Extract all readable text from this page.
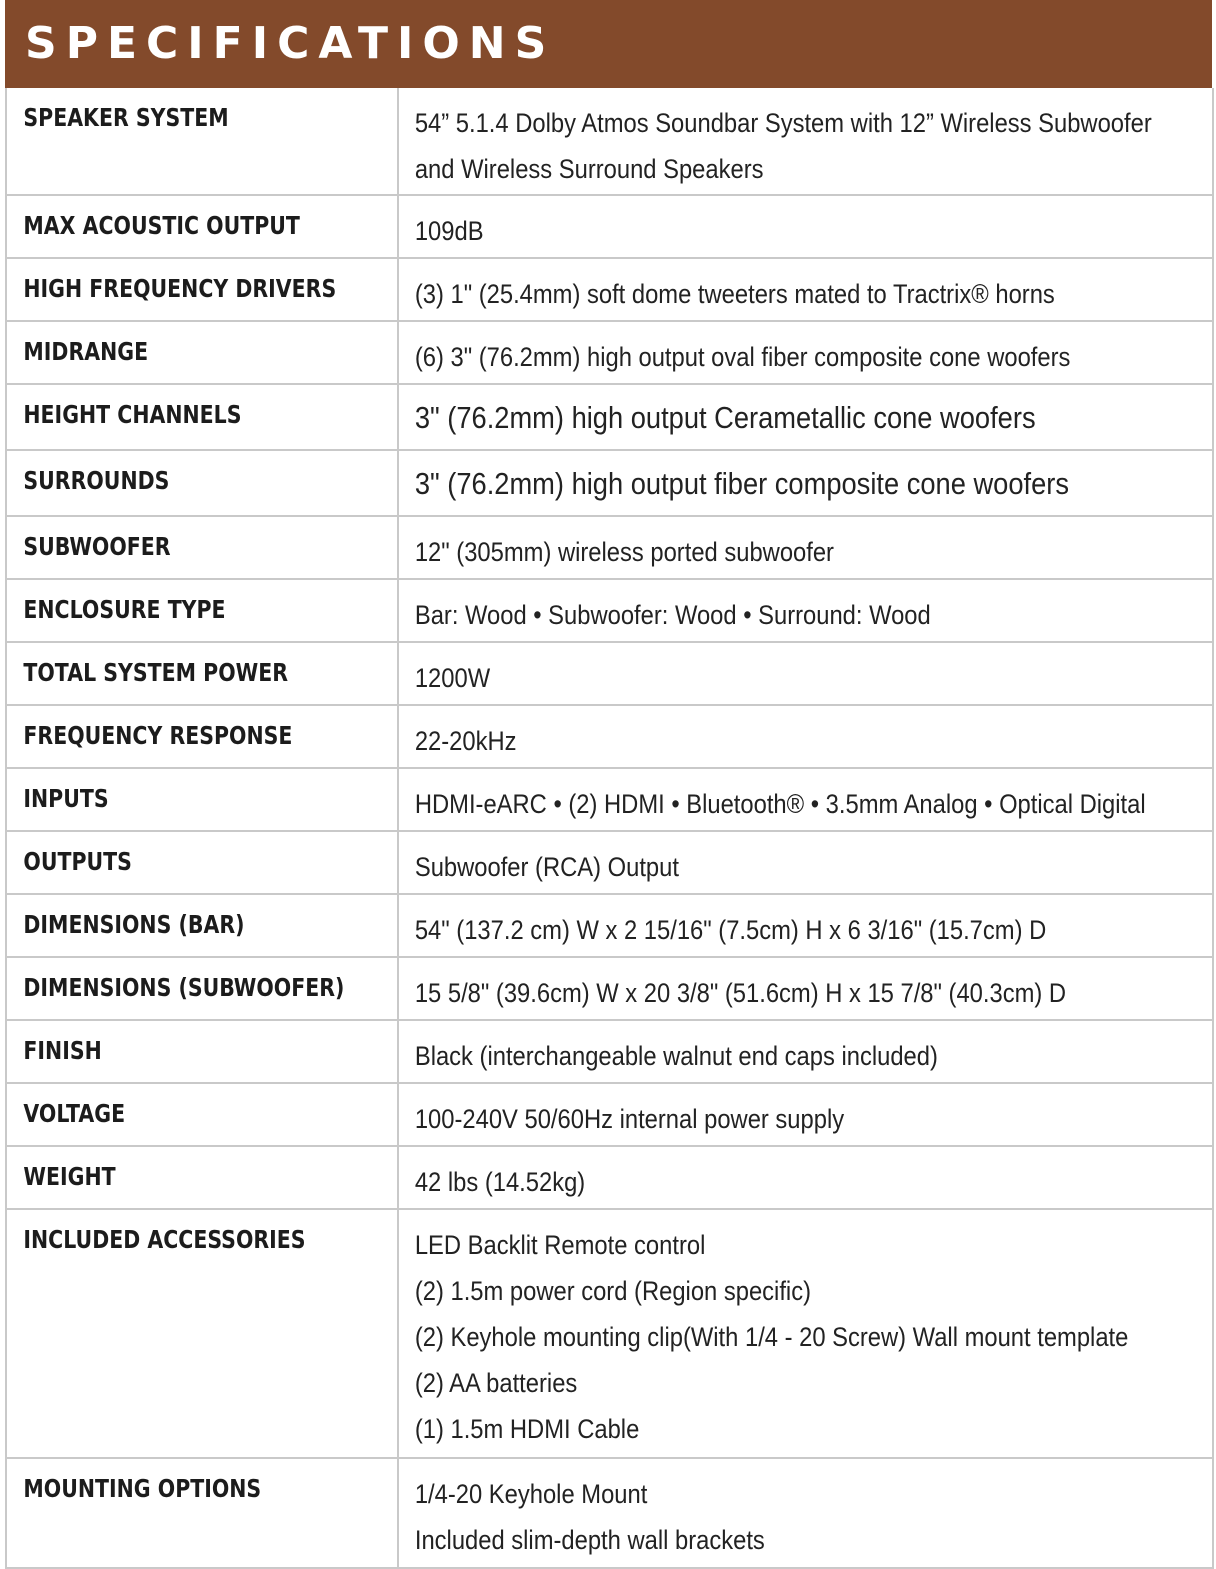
SPECIFICATIONS
SPEAKER SYSTEM	54” 5.1.4 Dolby Atmos Soundbar System with 12” Wireless Subwoofer
and Wireless Surround Speakers

MAX ACOUSTIC OUTPUT	109dB

HIGH FREQUENCY DRIVERS	(3) 1" (25.4mm) soft dome tweeters mated to Tractrix® horns

MIDRANGE	(6) 3" (76.2mm) high output oval fiber composite cone woofers

HEIGHT CHANNELS	3" (76.2mm) high output Cerametallic cone woofers

SURROUNDS	3" (76.2mm) high output fiber composite cone woofers

SUBWOOFER	12" (305mm) wireless ported subwoofer

ENCLOSURE TYPE	Bar: Wood • Subwoofer: Wood • Surround: Wood

TOTAL SYSTEM POWER	1200W

FREQUENCY RESPONSE	22-20kHz

INPUTS	HDMI-eARC • (2) HDMI • Bluetooth® • 3.5mm Analog • Optical Digital

OUTPUTS	Subwoofer (RCA) Output

DIMENSIONS (BAR)	54" (137.2 cm) W x 2 15/16" (7.5cm) H x 6 3/16" (15.7cm) D

DIMENSIONS (SUBWOOFER)	15 5/8" (39.6cm) W x 20 3/8" (51.6cm) H x 15 7/8" (40.3cm) D

FINISH	Black (interchangeable walnut end caps included)

VOLTAGE	100-240V 50/60Hz internal power supply

WEIGHT	42 lbs (14.52kg)

INCLUDED ACCESSORIES	LED Backlit Remote control
(2) 1.5m power cord (Region specific)
(2) Keyhole mounting clip(With 1/4 - 20 Screw) Wall mount template
(2) AA batteries
(1) 1.5m HDMI Cable

MOUNTING OPTIONS	1/4-20 Keyhole Mount
Included slim-depth wall brackets
